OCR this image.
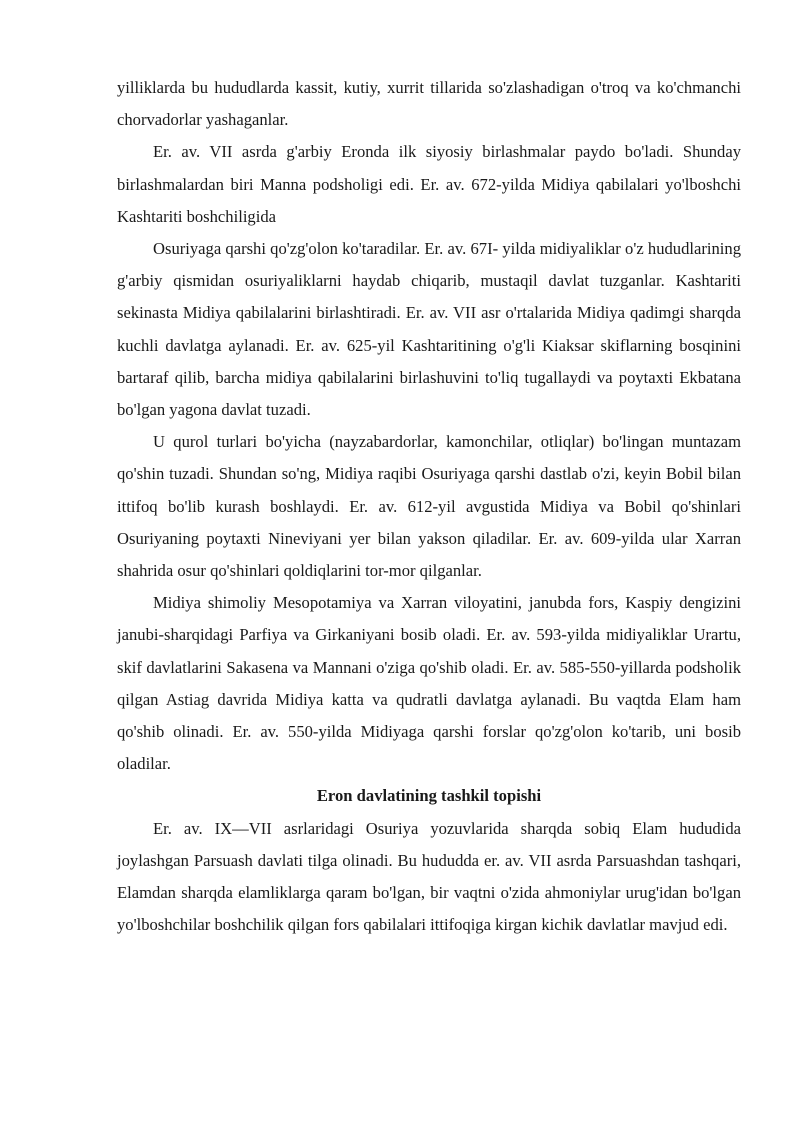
yilliklarda bu hududlarda kassit, kutiy, xurrit tillarida so'zlashadigan o'troq va ko'chmanchi chorvadorlar yashaganlar.

Er. av. VII asrda g'arbiy Eronda ilk siyosiy birlashmalar paydo bo'ladi. Shunday birlashmalardan biri Manna podsholigi edi. Er. av. 672-yilda Midiya qabilalari yo'lboshchi Kashtariti boshchiligida

Osuriyaga qarshi qo'zg'olon ko'taradilar. Er. av. 67I- yilda midiyaliklar o'z hududlarining g'arbiy qismidan osuriyaliklarni haydab chiqarib, mustaqil davlat tuzganlar. Kashtariti sekinasta Midiya qabilalarini birlashtiradi. Er. av. VII asr o'rtalarida Midiya qadimgi sharqda kuchli davlatga aylanadi. Er. av. 625-yil Kashtaritining o'g'li Kiaksar skiflarning bosqinini bartaraf qilib, barcha midiya qabilalarini birlashuvini to'liq tugallaydi va poytaxti Ekbatana bo'lgan yagona davlat tuzadi.

U qurol turlari bo'yicha (nayzabardorlar, kamonchilar, otliqlar) bo'lingan muntazam qo'shin tuzadi. Shundan so'ng, Midiya raqibi Osuriyaga qarshi dastlab o'zi, keyin Bobil bilan ittifoq bo'lib kurash boshlaydi. Er. av. 612-yil avgustida Midiya va Bobil qo'shinlari Osuriyaning poytaxti Nineviyani yer bilan yakson qiladilar. Er. av. 609-yilda ular Xarran shahrida osur qo'shinlari qoldiqlarini tor-mor qilganlar.

Midiya shimoliy Mesopotamiya va Xarran viloyatini, janubda fors, Kaspiy dengizini janubi-sharqidagi Parfiya va Girkaniyani bosib oladi. Er. av. 593-yilda midiyaliklar Urartu, skif davlatlarini Sakasena va Mannani o'ziga qo'shib oladi. Er. av. 585-550-yillarda podsholik qilgan Astiag davrida Midiya katta va qudratli davlatga aylanadi. Bu vaqtda Elam ham qo'shib olinadi. Er. av. 550-yilda Midiyaga qarshi forslar qo'zg'olon ko'tarib, uni bosib oladilar.

Eron davlatining tashkil topishi

Er. av. IX—VII asrlaridagi Osuriya yozuvlarida sharqda sobiq Elam hududida joylashgan Parsuash davlati tilga olinadi. Bu hududda er. av. VII asrda Parsuashdan tashqari, Elamdan sharqda elamliklarga qaram bo'lgan, bir vaqtni o'zida ahmoniylar urug'idan bo'lgan yo'lboshchilar boshchilik qilgan fors qabilalari ittifoqiga kirgan kichik davlatlar mavjud edi.
